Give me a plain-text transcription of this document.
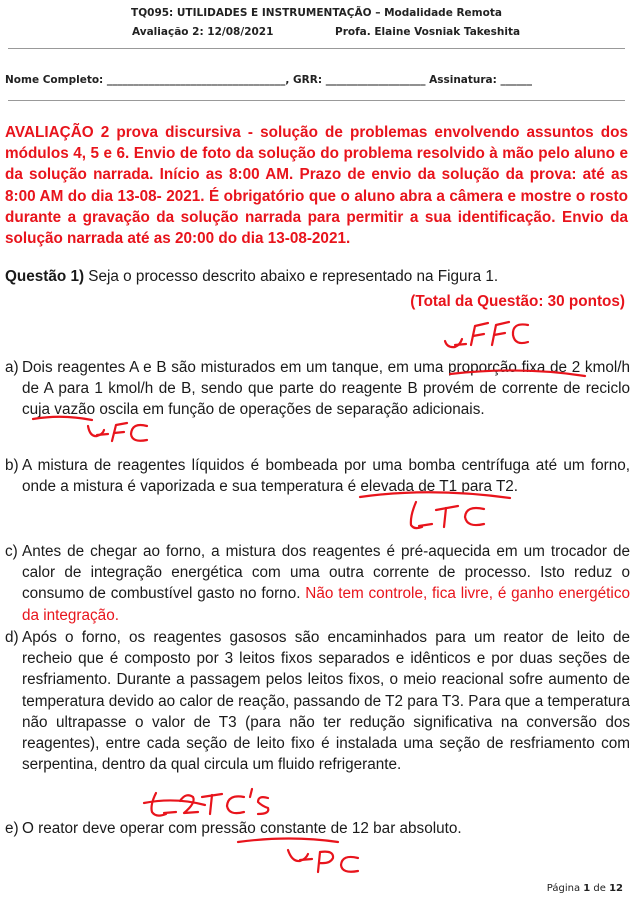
TQ095: UTILIDADES E INSTRUMENTAÇÃO – Modalidade Remota
Avaliação 2: 12/08/2021	Profa. Elaine Vosniak Takeshita
Nome Completo: __________________________________, GRR: ___________________ Assinatura: ______
AVALIAÇÃO 2 prova discursiva - solução de problemas envolvendo assuntos dos módulos 4, 5 e 6. Envio de foto da solução do problema resolvido à mão pelo aluno e da solução narrada. Início as 8:00 AM. Prazo de envio da solução da prova: até as 8:00 AM do dia 13-08- 2021. É obrigatório que o aluno abra a câmera e mostre o rosto durante a gravação da solução narrada para permitir a sua identificação. Envio da solução narrada até as 20:00 do dia 13-08-2021.
Questão 1) Seja o processo descrito abaixo e representado na Figura 1.
(Total da Questão: 30 pontos)
a) Dois reagentes A e B são misturados em um tanque, em uma proporção fixa de 2 kmol/h de A para 1 kmol/h de B, sendo que parte do reagente B provém de corrente de reciclo cuja vazão oscila em função de operações de separação adicionais.
b) A mistura de reagentes líquidos é bombeada por uma bomba centrífuga até um forno, onde a mistura é vaporizada e sua temperatura é elevada de T1 para T2.
c) Antes de chegar ao forno, a mistura dos reagentes é pré-aquecida em um trocador de calor de integração energética com uma outra corrente de processo. Isto reduz o consumo de combustível gasto no forno. Não tem controle, fica livre, é ganho energético da integração.
d) Após o forno, os reagentes gasosos são encaminhados para um reator de leito de recheio que é composto por 3 leitos fixos separados e idênticos e por duas seções de resfriamento. Durante a passagem pelos leitos fixos, o meio reacional sofre aumento de temperatura devido ao calor de reação, passando de T2 para T3. Para que a temperatura não ultrapasse o valor de T3 (para não ter redução significativa na conversão dos reagentes), entre cada seção de leito fixo é instalada uma seção de resfriamento com serpentina, dentro da qual circula um fluido refrigerante.
e) O reator deve operar com pressão constante de 12 bar absoluto.
Página 1 de 12
